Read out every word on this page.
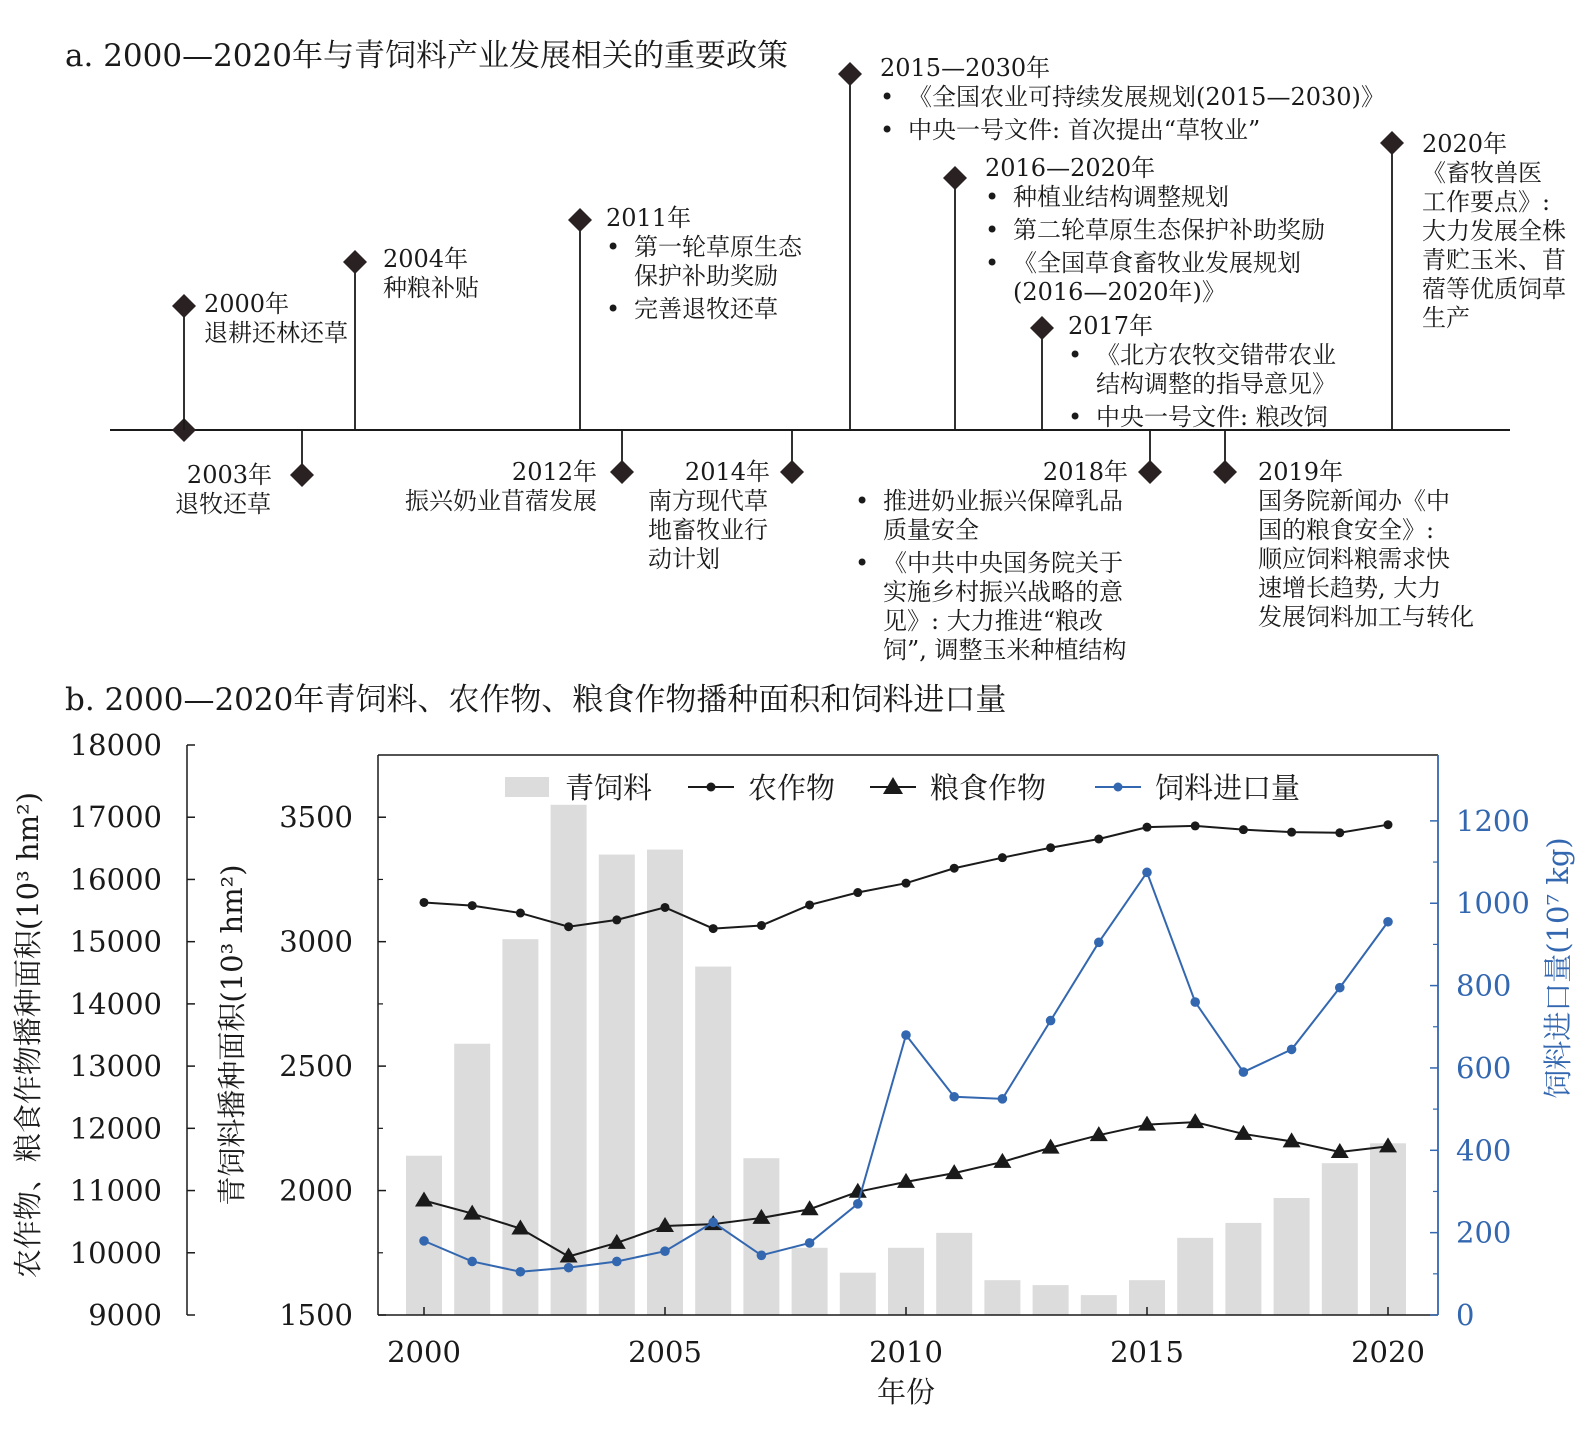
a. 2000—2020年与青饲料产业发展相关的重要政策
2000年
退耕还林还草
2004年
种粮补贴
2011年
• 第一轮草原生态
保护补助奖励
• 完善退牧还草
2015—2030年
• 《全国农业可持续发展规划(2015—2030)》
• 中央一号文件: 首次提出“草牧业”
2016—2020年
• 种植业结构调整规划
• 第二轮草原生态保护补助奖励
• 《全国草食畜牧业发展规划
(2016—2020年)》
2017年
• 《北方农牧交错带农业
结构调整的指导意见》
• 中央一号文件: 粮改饲
2020年
《畜牧兽医
工作要点》:
大力发展全株
青贮玉米、苜
蓿等优质饲草
生产
2003年
退牧还草
2012年
振兴奶业苜蓿发展
2014年
南方现代草
地畜牧业行
动计划
2018年
• 推进奶业振兴保障乳品
质量安全
• 《中共中央国务院关于
实施乡村振兴战略的意
见》: 大力推进“粮改
饲”, 调整玉米种植结构
2019年
国务院新闻办《中
国的粮食安全》:
顺应饲料粮需求快
速增长趋势, 大力
发展饲料加工与转化
b. 2000—2020年青饲料、农作物、粮食作物播种面积和饲料进口量
9000
10000
11000
12000
13000
14000
15000
16000
17000
18000
农作物、粮食作物播种面积(10³ hm²)
1500
2000
2500
3000
3500
青饲料播种面积(10³ hm²)
0
200
400
600
800
1000
1200
饲料进口量(10⁷ kg)
2000	2005	2010	2015	2020
年份
青饲料	农作物	粮食作物	饲料进口量
